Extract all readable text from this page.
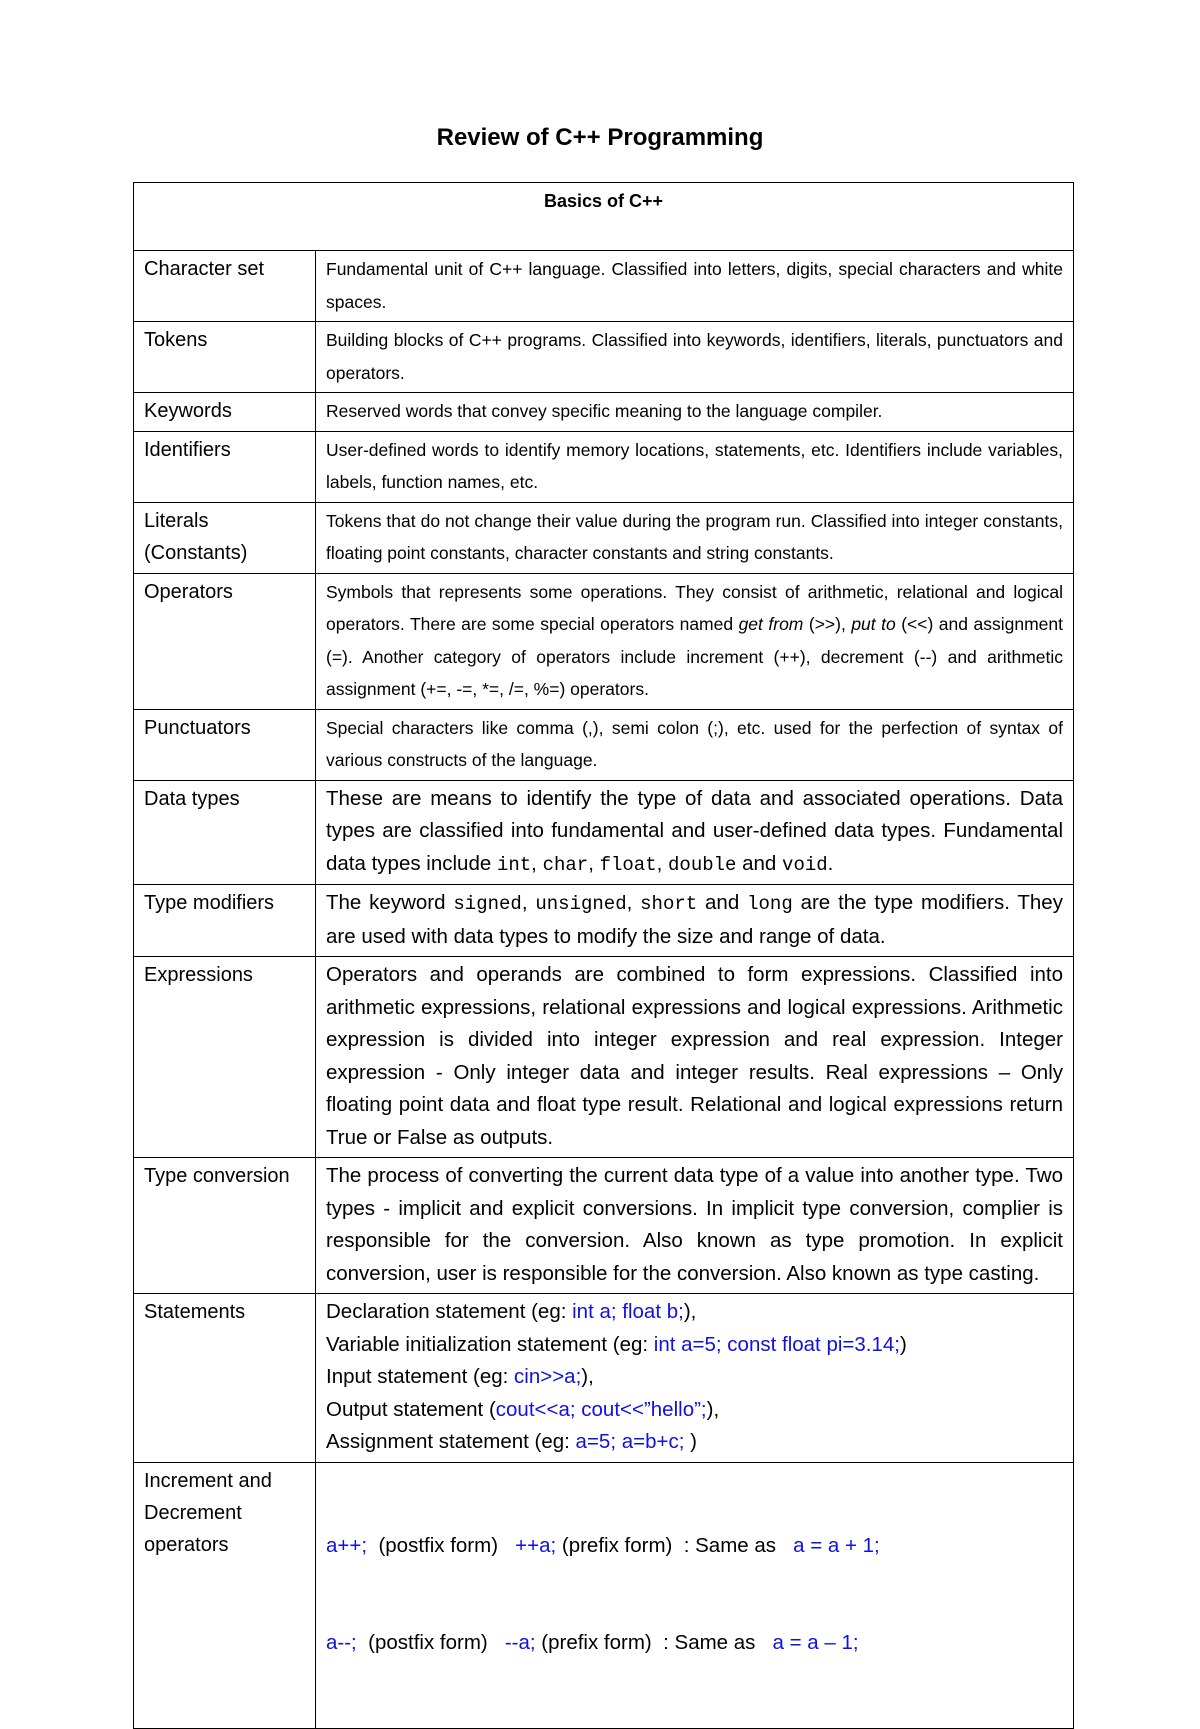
Review of C++ Programming
Basics of C++	
Character set	Fundamental unit of C++ language. Classified into letters, digits, special characters and white spaces.
Tokens	Building blocks of C++ programs. Classified into keywords, identifiers, literals, punctuators and operators.
Keywords	Reserved words that convey specific meaning to the language compiler.
Identifiers	User-defined words to identify memory locations, statements, etc. Identifiers include variables, labels, function names, etc.

Literals
(Constants)	Tokens that do not change their value during the program run. Classified into integer constants, floating point constants, character constants and string constants.
Operators	Symbols that represents some operations. They consist of arithmetic, relational and logical operators. There are some special operators named get from (>>), put to (<<) and assignment (=). Another category of operators include increment (++), decrement (--) and arithmetic assignment (+=, -=, *=, /=, %=) operators.
Punctuators	Special characters like comma (,), semi colon (;), etc. used for the perfection of syntax of various constructs of the language.
Data types	These are means to identify the type of data and associated operations. Data types are classified into fundamental and user-defined data types. Fundamental data types include int, char, float, double and void.
Type modifiers	The keyword signed, unsigned, short and long are the type modifiers. They are used with data types to modify the size and range of data.
Expressions	Operators and operands are combined to form expressions. Classified into arithmetic expressions, relational expressions and logical expressions. Arithmetic expression is divided into integer expression and real expression. Integer expression - Only integer data and integer results. Real expressions – Only floating point data and float type result. Relational and logical expressions return True or False as outputs.
Type conversion	The process of converting the current data type of a value into another type. Two types - implicit and explicit conversions. In implicit type conversion, complier is responsible for the conversion. Also known as type promotion. In explicit conversion, user is responsible for the conversion. Also known as type casting.
Statements	Declaration statement (eg: int a; float b;),
Variable initialization statement (eg: int a=5; const float pi=3.14;)
Input statement (eg: cin>>a;),
Output statement (cout<<a; cout<<”hello”;),
Assignment statement (eg: a=5; a=b+c; )

Increment and
Decrement
operators	a++;  (postfix form)   ++a; (prefix form)  : Same as   a = a + 1;

a--;  (postfix form)   --a; (prefix form)  : Same as   a = a – 1;
